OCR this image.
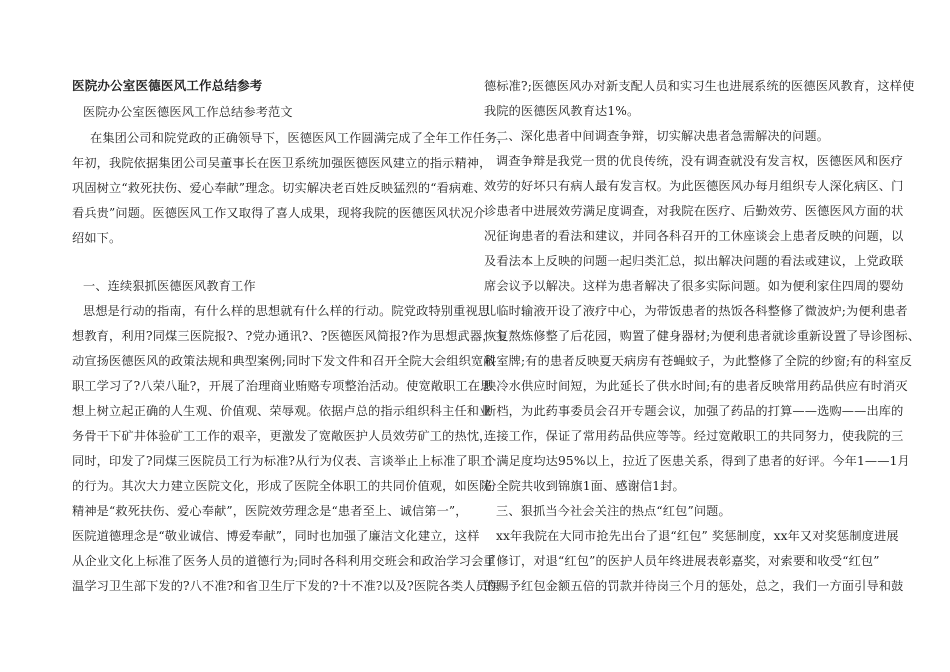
医院办公室医德医风工作总结参考
医院办公室医德医风工作总结参考范文
在集团公司和院党政的正确领导下，医德医风工作圆满完成了全年工作任务，
年初，我院依据集团公司吴董事长在医卫系统加强医德医风建立的指示精神，
巩固树立“救死扶伤、爱心奉献”理念。切实解决老百姓反映猛烈的“看病难、
看兵贵”问题。医德医风工作又取得了喜人成果，现将我院的医德医风状况介
绍如下。
一、连续狠抓医德医风教育工作
思想是行动的指南，有什么样的思想就有什么样的行动。院党政特别重视思
想教育，利用?同煤三医院报?、?党办通讯?、?医德医风简报?作为思想武器，主
动宣扬医德医风的政策法规和典型案例;同时下发文件和召开全院大会组织宽敞
职工学习了?八荣八耻?，开展了治理商业贿赂专项整治活动。使宽敞职工在思
想上树立起正确的人生观、价值观、荣辱观。依据卢总的指示组织科主任和业
务骨干下矿井体验矿工工作的艰辛，更激发了宽敞医护人员效劳矿工的热忱，
同时，印发了?同煤三医院员工行为标准?从行为仪表、言谈举止上标准了职工
的行为。其次大力建立医院文化，形成了医院全体职工的共同价值观，如医院
精神是“救死扶伤、爱心奉献”，医院效劳理念是“患者至上、诚信第一”，
医院道德理念是“敬业诚信、博爱奉献”，同时也加强了廉洁文化建立，这样
从企业文化上标准了医务人员的道德行为;同时各科利用交班会和政治学习会重
温学习卫生部下发的?八不准?和省卫生厅下发的?十不准?以及?医院各类人员医
德标准?;医德医风办对新支配人员和实习生也进展系统的医德医风教育，这样使
我院的医德医风教育达1%。
二、深化患者中间调查争辩，切实解决患者急需解决的问题。
调查争辩是我党一贯的优良传统，没有调查就没有发言权，医德医风和医疗
效劳的好坏只有病人最有发言权。为此医德医风办每月组织专人深化病区、门
诊患者中进展效劳满足度调查，对我院在医疗、后勤效劳、医德医风方面的状
况征询患者的看法和建议，并同各科召开的工休座谈会上患者反映的问题，以
及看法本上反映的问题一起归类汇总，拟出解决问题的看法或建议，上党政联
席会议予以解决。这样为患者解决了很多实际问题。如为便利家住四周的婴幼
儿临时输液开设了液疗中心，为带饭患者的热饭各科整修了微波炉;为便利患者
恢复熬炼修整了后花园，购置了健身器材;为便利患者就诊重新设置了导诊图标、
科室牌;有的患者反映夏天病房有苍蝇蚊子，为此整修了全院的纱窗;有的科室反
映冷水供应时间短，为此延长了供水时间;有的患者反映常用药品供应有时消灭
断档，为此药事委员会召开专题会议，加强了药品的打算——选购——出库的
连接工作，保证了常用药品供应等等。经过宽敞职工的共同努力，使我院的三
个满足度均达95%以上，拉近了医患关系，得到了患者的好评。今年1——1月
份全院共收到锦旗1面、感谢信1封。
三、狠抓当今社会关注的热点“红包”问题。
xx年我院在大同市抢先出台了退“红包” 奖惩制度，xx年又对奖惩制度进展
了修订，对退“红包”的医护人员年终进展表彰嘉奖，对索要和收受“红包”
的赐予红包金额五倍的罚款并待岗三个月的惩处，总之，我们一方面引导和鼓
